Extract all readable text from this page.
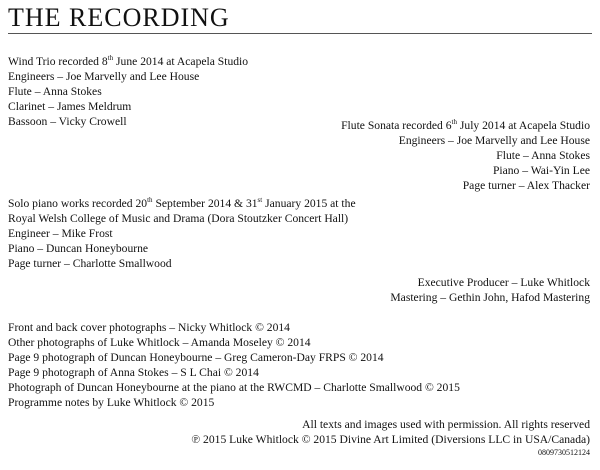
THE RECORDING
Wind Trio recorded 8th June 2014 at Acapela Studio
Engineers – Joe Marvelly and Lee House
Flute – Anna Stokes
Clarinet – James Meldrum
Bassoon – Vicky Crowell	Flute Sonata recorded 6th July 2014 at Acapela Studio
Engineers – Joe Marvelly and Lee House
Flute – Anna Stokes
Piano – Wai-Yin Lee
Page turner – Alex Thacker
Solo piano works recorded 20th September 2014 & 31st January 2015 at the
Royal Welsh College of Music and Drama (Dora Stoutzker Concert Hall)
Engineer – Mike Frost
Piano – Duncan Honeybourne
Page turner – Charlotte Smallwood
Executive Producer – Luke Whitlock
Mastering – Gethin John, Hafod Mastering
Front and back cover photographs – Nicky Whitlock © 2014
Other photographs of Luke Whitlock – Amanda Moseley © 2014
Page 9 photograph of Duncan Honeybourne – Greg Cameron-Day FRPS © 2014
Page 9 photograph of Anna Stokes – S L Chai © 2014
Photograph of Duncan Honeybourne at the piano at the RWCMD – Charlotte Smallwood © 2015
Programme notes by Luke Whitlock © 2015
All texts and images used with permission. All rights reserved
℗ 2015 Luke Whitlock © 2015 Divine Art Limited (Diversions LLC in USA/Canada)
0809730512124
